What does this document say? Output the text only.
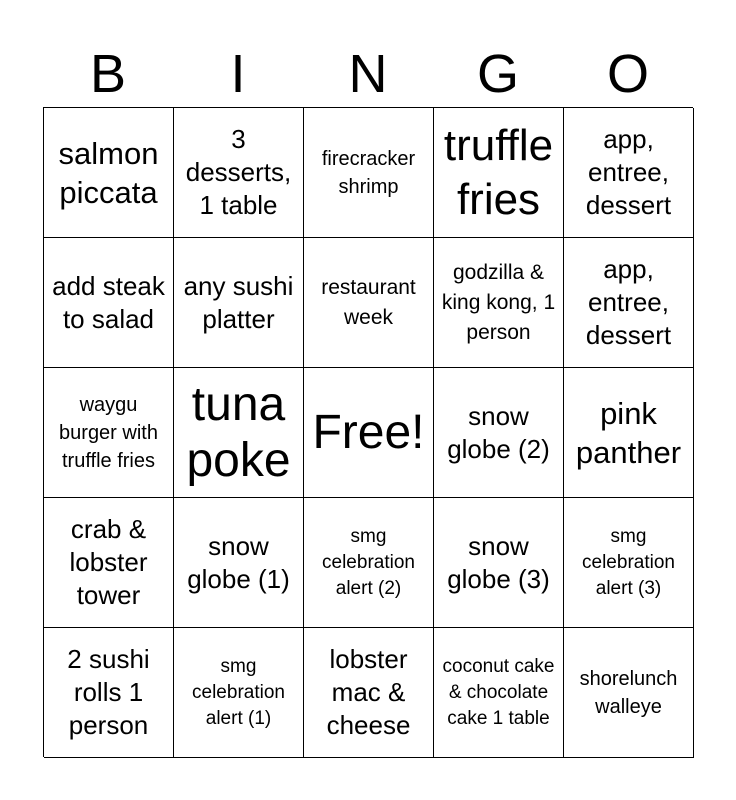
B	I	N	G	O
salmon piccata
3 desserts, 1 table
firecracker shrimp
truffle fries
app, entree, dessert
add steak to salad
any sushi platter
restaurant week
godzilla & king kong, 1 person
app, entree, dessert
waygu burger with truffle fries
tuna poke
Free!	snow globe (2)
pink panther
crab & lobster tower
snow globe (1)
smg celebration alert (2)
snow globe (3)
smg celebration alert (3)
2 sushi rolls 1 person
smg celebration alert (1)
lobster mac & cheese
coconut cake & chocolate cake 1 table
shorelunch walleye
